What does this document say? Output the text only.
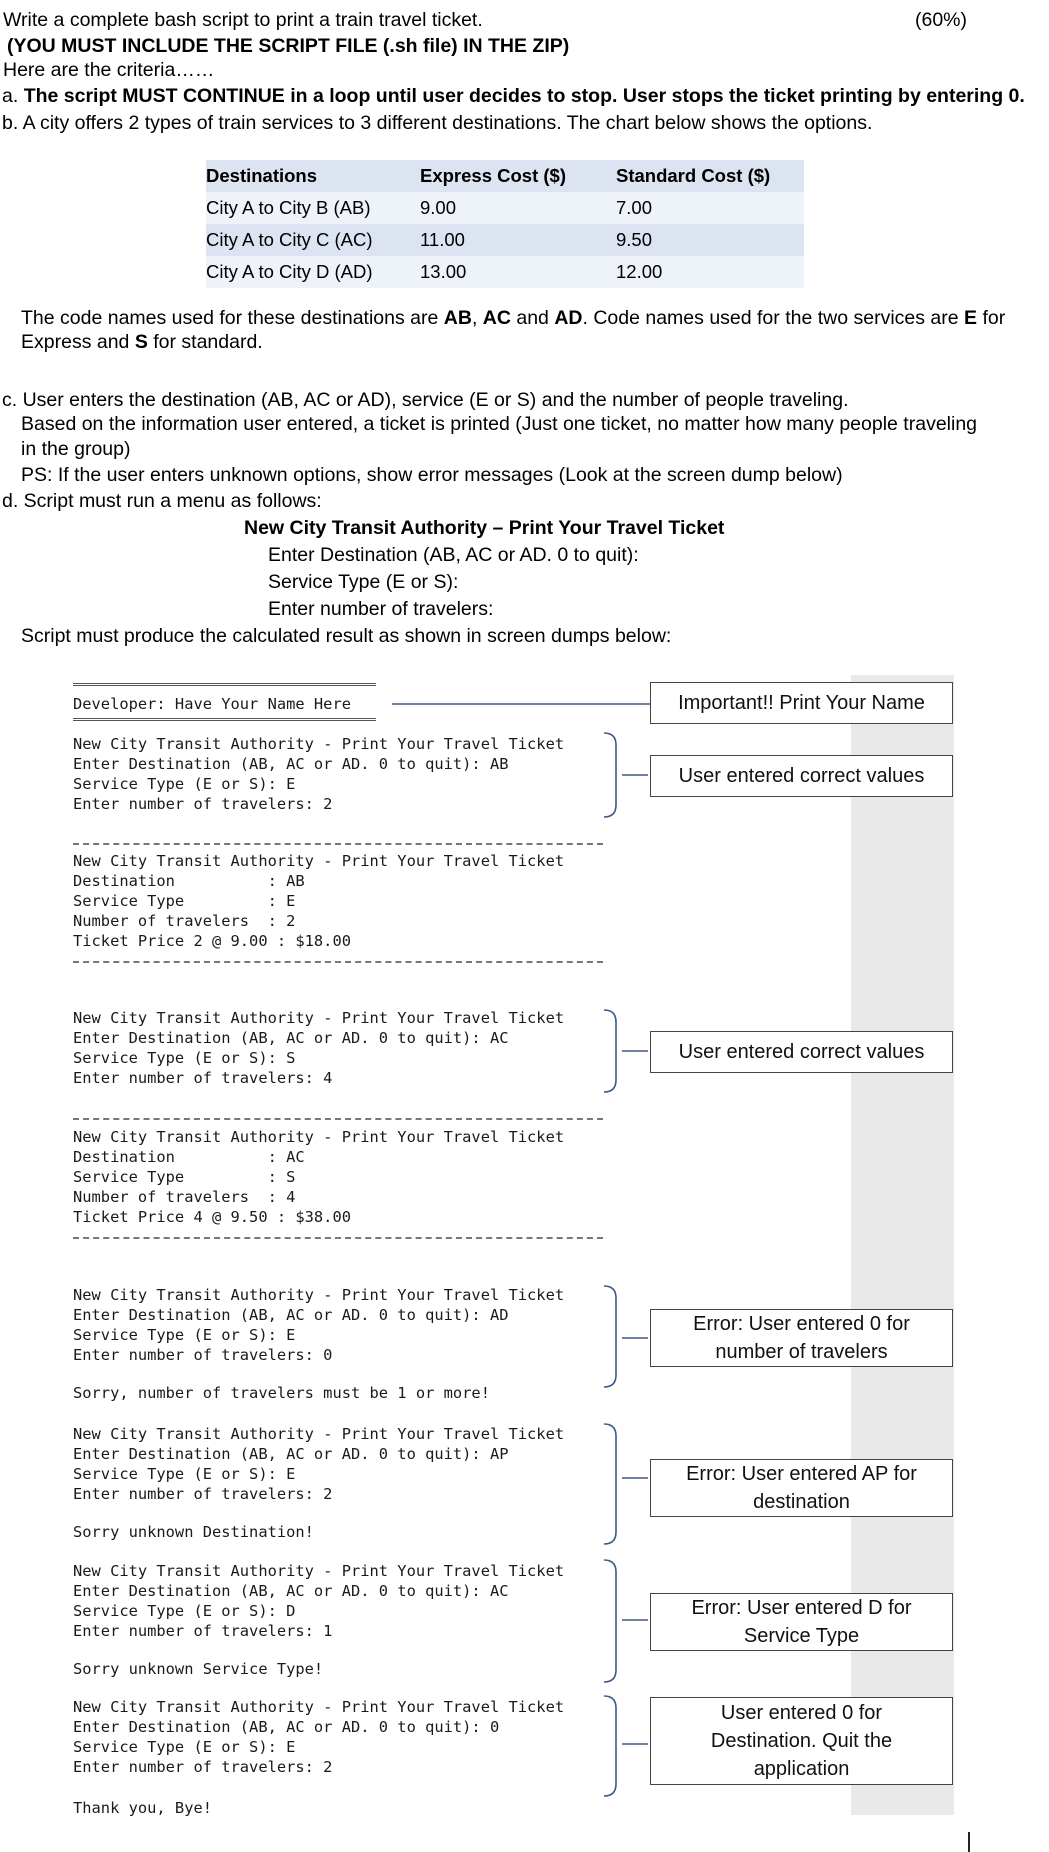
Write a complete bash script to print a train travel ticket.	(60%)
(YOU MUST INCLUDE THE SCRIPT FILE (.sh file) IN THE ZIP)
Here are the criteria……
a. The script MUST CONTINUE in a loop until user decides to stop. User stops the ticket printing by entering 0.
b. A city offers 2 types of train services to 3 different destinations. The chart below shows the options.
Destinations	Express Cost ($)	Standard Cost ($)
City A to City B (AB)	9.00	7.00
City A to City C (AC)	11.00	9.50
City A to City D (AD)	13.00	12.00
The code names used for these destinations are AB, AC and AD. Code names used for the two services are E for
Express and S for standard.
c. User enters the destination (AB, AC or AD), service (E or S) and the number of people traveling.
Based on the information user entered, a ticket is printed (Just one ticket, no matter how many people traveling
in the group)
PS: If the user enters unknown options, show error messages (Look at the screen dump below)
d. Script must run a menu as follows:
New City Transit Authority – Print Your Travel Ticket
Enter Destination (AB, AC or AD. 0 to quit):
Service Type (E or S):
Enter number of travelers:
Script must produce the calculated result as shown in screen dumps below:
Developer: Have Your Name Here
New City Transit Authority - Print Your Travel Ticket
Enter Destination (AB, AC or AD. 0 to quit): AB
Service Type (E or S): E
Enter number of travelers: 2
New City Transit Authority - Print Your Travel Ticket
Destination          : AB
Service Type         : E
Number of travelers  : 2
Ticket Price 2 @ 9.00 : $18.00
New City Transit Authority - Print Your Travel Ticket
Enter Destination (AB, AC or AD. 0 to quit): AC
Service Type (E or S): S
Enter number of travelers: 4
New City Transit Authority - Print Your Travel Ticket
Destination          : AC
Service Type         : S
Number of travelers  : 4
Ticket Price 4 @ 9.50 : $38.00
New City Transit Authority - Print Your Travel Ticket
Enter Destination (AB, AC or AD. 0 to quit): AD
Service Type (E or S): E
Enter number of travelers: 0
Sorry, number of travelers must be 1 or more!
New City Transit Authority - Print Your Travel Ticket
Enter Destination (AB, AC or AD. 0 to quit): AP
Service Type (E or S): E
Enter number of travelers: 2
Sorry unknown Destination!
New City Transit Authority - Print Your Travel Ticket
Enter Destination (AB, AC or AD. 0 to quit): AC
Service Type (E or S): D
Enter number of travelers: 1
Sorry unknown Service Type!
New City Transit Authority - Print Your Travel Ticket
Enter Destination (AB, AC or AD. 0 to quit): 0
Service Type (E or S): E
Enter number of travelers: 2
Thank you, Bye!
Important!! Print Your Name
User entered correct values
User entered correct values
Error: User entered 0 for
number of travelers
Error: User entered AP for
destination
Error: User entered D for
Service Type
User entered 0 for
Destination. Quit the
application
